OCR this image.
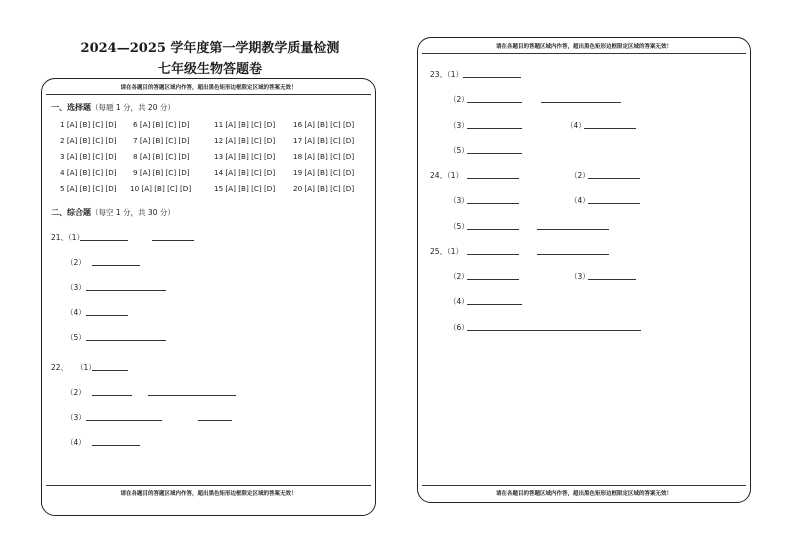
2024—2025 学年度第一学期教学质量检测
七年级生物答题卷
请在各题目的答题区域内作答，超出黑色矩形边框限定区域的答案无效！
一、选择题（每题 1 分，共 20 分）
1 [A] [B] [C] [D]
2 [A] [B] [C] [D]
3 [A] [B] [C] [D]
4 [A] [B] [C] [D]
5 [A] [B] [C] [D]
6 [A] [B] [C] [D]
7 [A] [B] [C] [D]
8 [A] [B] [C] [D]
9 [A] [B] [C] [D]
10 [A] [B] [C] [D]
11 [A] [B] [C] [D]
12 [A] [B] [C] [D]
13 [A] [B] [C] [D]
14 [A] [B] [C] [D]
15 [A] [B] [C] [D]
16 [A] [B] [C] [D]
17 [A] [B] [C] [D]
18 [A] [B] [C] [D]
19 [A] [B] [C] [D]
20 [A] [B] [C] [D]
二、综合题（每空 1 分，共 30 分）
21、（1）
（2）
（3）
（4）
（5）
22、 （1）
（2）
（3）
（4）
请在各题目的答题区域内作答，超出黑色矩形边框限定区域的答案无效！
请在各题目的答题区域内作答，超出黑色矩形边框限定区域的答案无效！
23、（1）
（2）
（3）	（4）
（5）
24、（1）	（2）
（3）	（4）
（5）
25、（1）
（2）	（3）
（4）
（6）
请在各题目的答题区域内作答，超出黑色矩形边框限定区域的答案无效！
